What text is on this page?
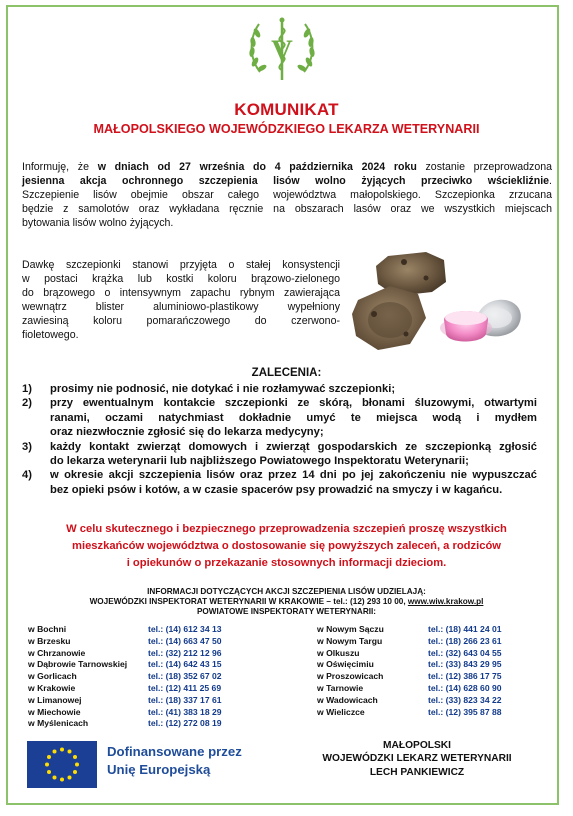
V
KOMUNIKAT
MAŁOPOLSKIEGO WOJEWÓDZKIEGO LEKARZA WETERYNARII
Informuję, że w dniach od 27 września do 4 października 2024 roku zostanie przeprowadzona
jesienna akcja ochronnego szczepienia lisów wolno żyjących przeciwko wściekliźnie.
Szczepienie lisów obejmie obszar całego województwa małopolskiego. Szczepionka zrzucana
będzie z samolotów oraz wykładana ręcznie na obszarach lasów oraz we wszystkich miejscach
bytowania lisów wolno żyjących.
Dawkę szczepionki stanowi przyjęta o stałej konsystencji
w postaci krążka lub kostki koloru brązowo-zielonego
do brązowego o intensywnym zapachu rybnym zawierająca
wewnątrz blister aluminiowo-plastikowy wypełniony
zawiesiną koloru pomarańczowego do czerwono-
fioletowego.
ZALECENIA:
1) prosimy nie podnosić, nie dotykać i nie rozłamywać szczepionki;
2) przy ewentualnym kontakcie szczepionki ze skórą, błonami śluzowymi, otwartymi
ranami, oczami natychmiast dokładnie umyć te miejsca wodą i mydłem
oraz niezwłocznie zgłosić się do lekarza medycyny;
3) każdy kontakt zwierząt domowych i zwierząt gospodarskich ze szczepionką zgłosić
do lekarza weterynarii lub najbliższego Powiatowego Inspektoratu Weterynarii;
4) w okresie akcji szczepienia lisów oraz przez 14 dni po jej zakończeniu nie wypuszczać
bez opieki psów i kotów, a w czasie spacerów psy prowadzić na smyczy i w kagańcu.
W celu skutecznego i bezpiecznego przeprowadzenia szczepień proszę wszystkich
mieszkańców województwa o dostosowanie się powyższych zaleceń, a rodziców
i opiekunów o przekazanie stosownych informacji dzieciom.
INFORMACJI DOTYCZĄCYCH AKCJI SZCZEPIENIA LISÓW UDZIELAJĄ:
WOJEWÓDZKI INSPEKTORAT WETERYNARII W KRAKOWIE – tel.: (12) 293 10 00, www.wiw.krakow.pl
POWIATOWE INSPEKTORATY WETERYNARII:
w Bochni	tel.: (14) 612 34 13
w Brzesku	tel.: (14) 663 47 50
w Chrzanowie	tel.: (32) 212 12 96
w Dąbrowie Tarnowskiej	tel.: (14) 642 43 15
w Gorlicach	tel.: (18) 352 67 02
w Krakowie	tel.: (12) 411 25 69
w Limanowej	tel.: (18) 337 17 61
w Miechowie	tel.: (41) 383 18 29
w Myślenicach	tel.: (12) 272 08 19
w Nowym Sączu	tel.: (18) 441 24 01
w Nowym Targu	tel.: (18) 266 23 61
w Olkuszu	tel.: (32) 643 04 55
w Oświęcimiu	tel.: (33) 843 29 95
w Proszowicach	tel.: (12) 386 17 75
w Tarnowie	tel.: (14) 628 60 90
w Wadowicach	tel.: (33) 823 34 22
w Wieliczce	tel.: (12) 395 87 88
Dofinansowane przez
Unię Europejską
MAŁOPOLSKI
WOJEWÓDZKI LEKARZ WETERYNARII
LECH PANKIEWICZ
